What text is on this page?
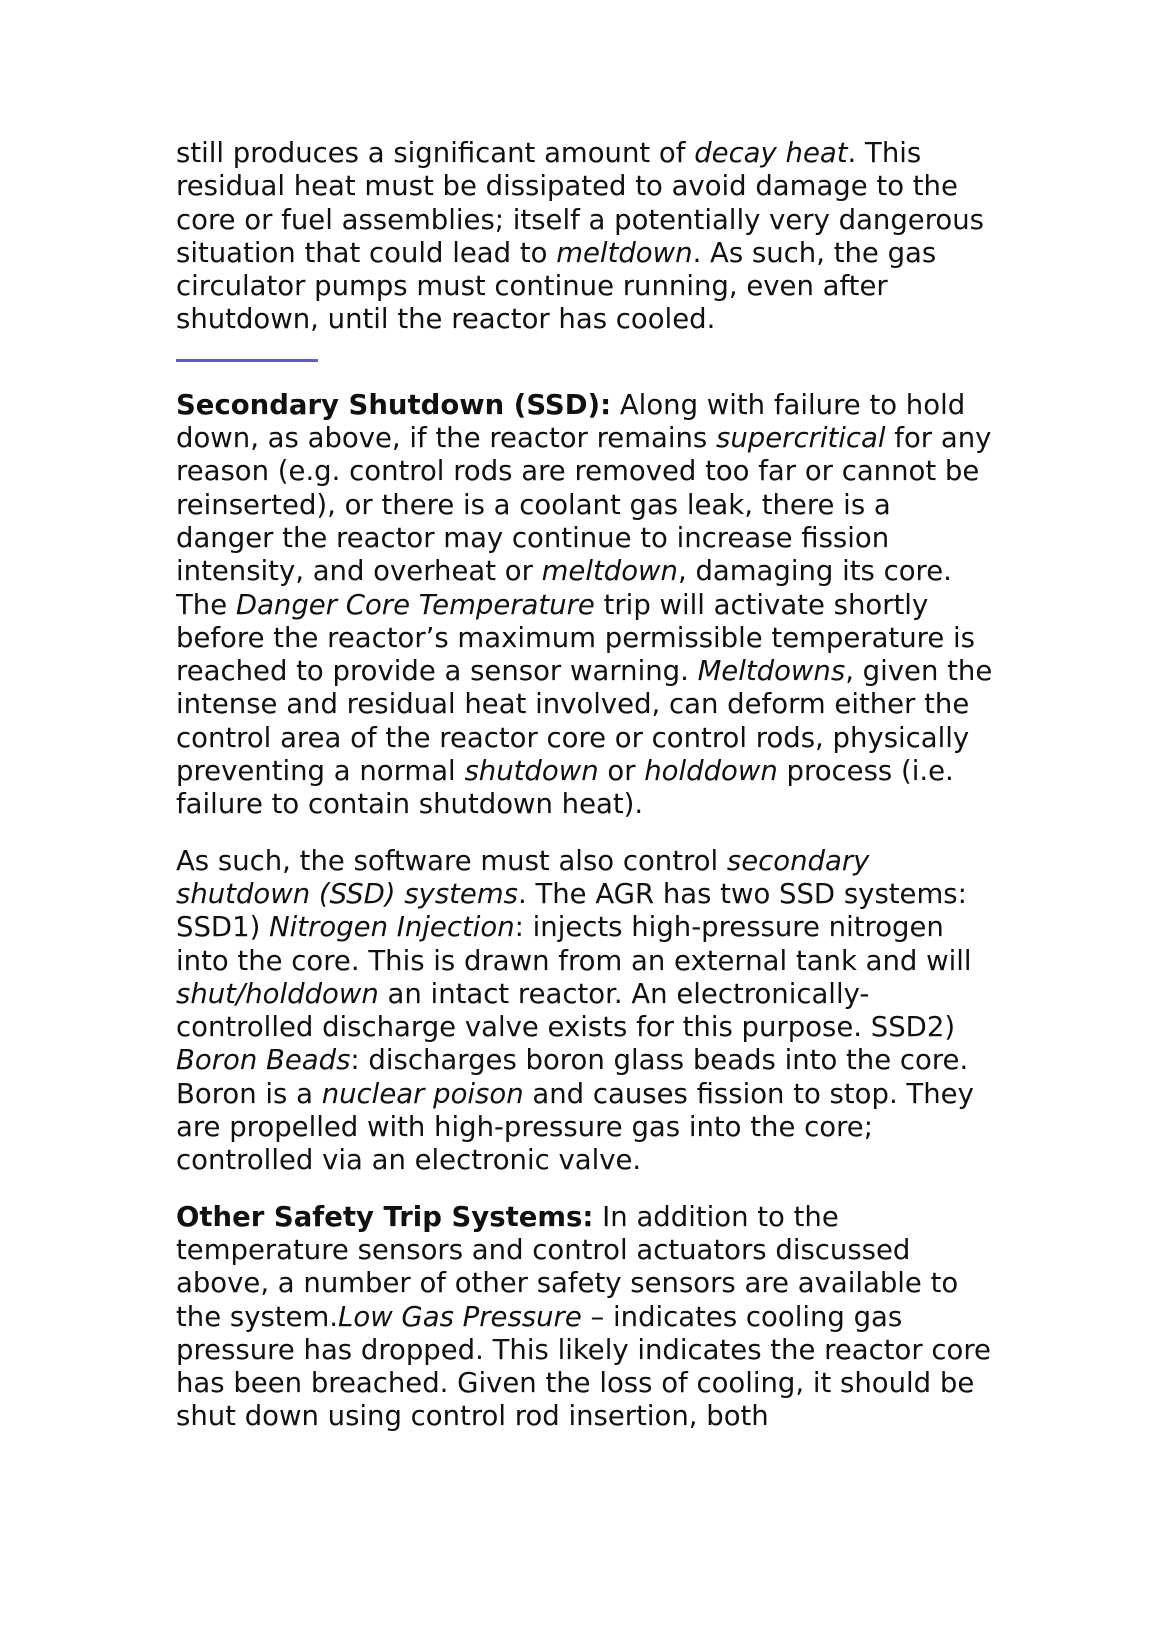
still produces a significant amount of decay heat. This residual heat must be dissipated to avoid damage to the core or fuel assemblies; itself a potentially very dangerous situation that could lead to meltdown. As such, the gas circulator pumps must continue running, even after shutdown, until the reactor has cooled.

Secondary Shutdown (SSD): Along with failure to hold down, as above, if the reactor remains supercritical for any reason (e.g. control rods are removed too far or cannot be reinserted), or there is a coolant gas leak, there is a danger the reactor may continue to increase fission intensity, and overheat or meltdown, damaging its core. The Danger Core Temperature trip will activate shortly before the reactor’s maximum permissible temperature is reached to provide a sensor warning. Meltdowns, given the intense and residual heat involved, can deform either the control area of the reactor core or control rods, physically preventing a normal shutdown or holddown process (i.e. failure to contain shutdown heat).

As such, the software must also control secondary shutdown (SSD) systems. The AGR has two SSD systems: SSD1) Nitrogen Injection: injects high-pressure nitrogen into the core. This is drawn from an external tank and will shut/holddown an intact reactor. An electronically-controlled discharge valve exists for this purpose. SSD2) Boron Beads: discharges boron glass beads into the core. Boron is a nuclear poison and causes fission to stop. They are propelled with high-pressure gas into the core; controlled via an electronic valve.

Other Safety Trip Systems: In addition to the temperature sensors and control actuators discussed above, a number of other safety sensors are available to the system.Low Gas Pressure – indicates cooling gas pressure has dropped. This likely indicates the reactor core has been breached. Given the loss of cooling, it should be shut down using control rod insertion, both
